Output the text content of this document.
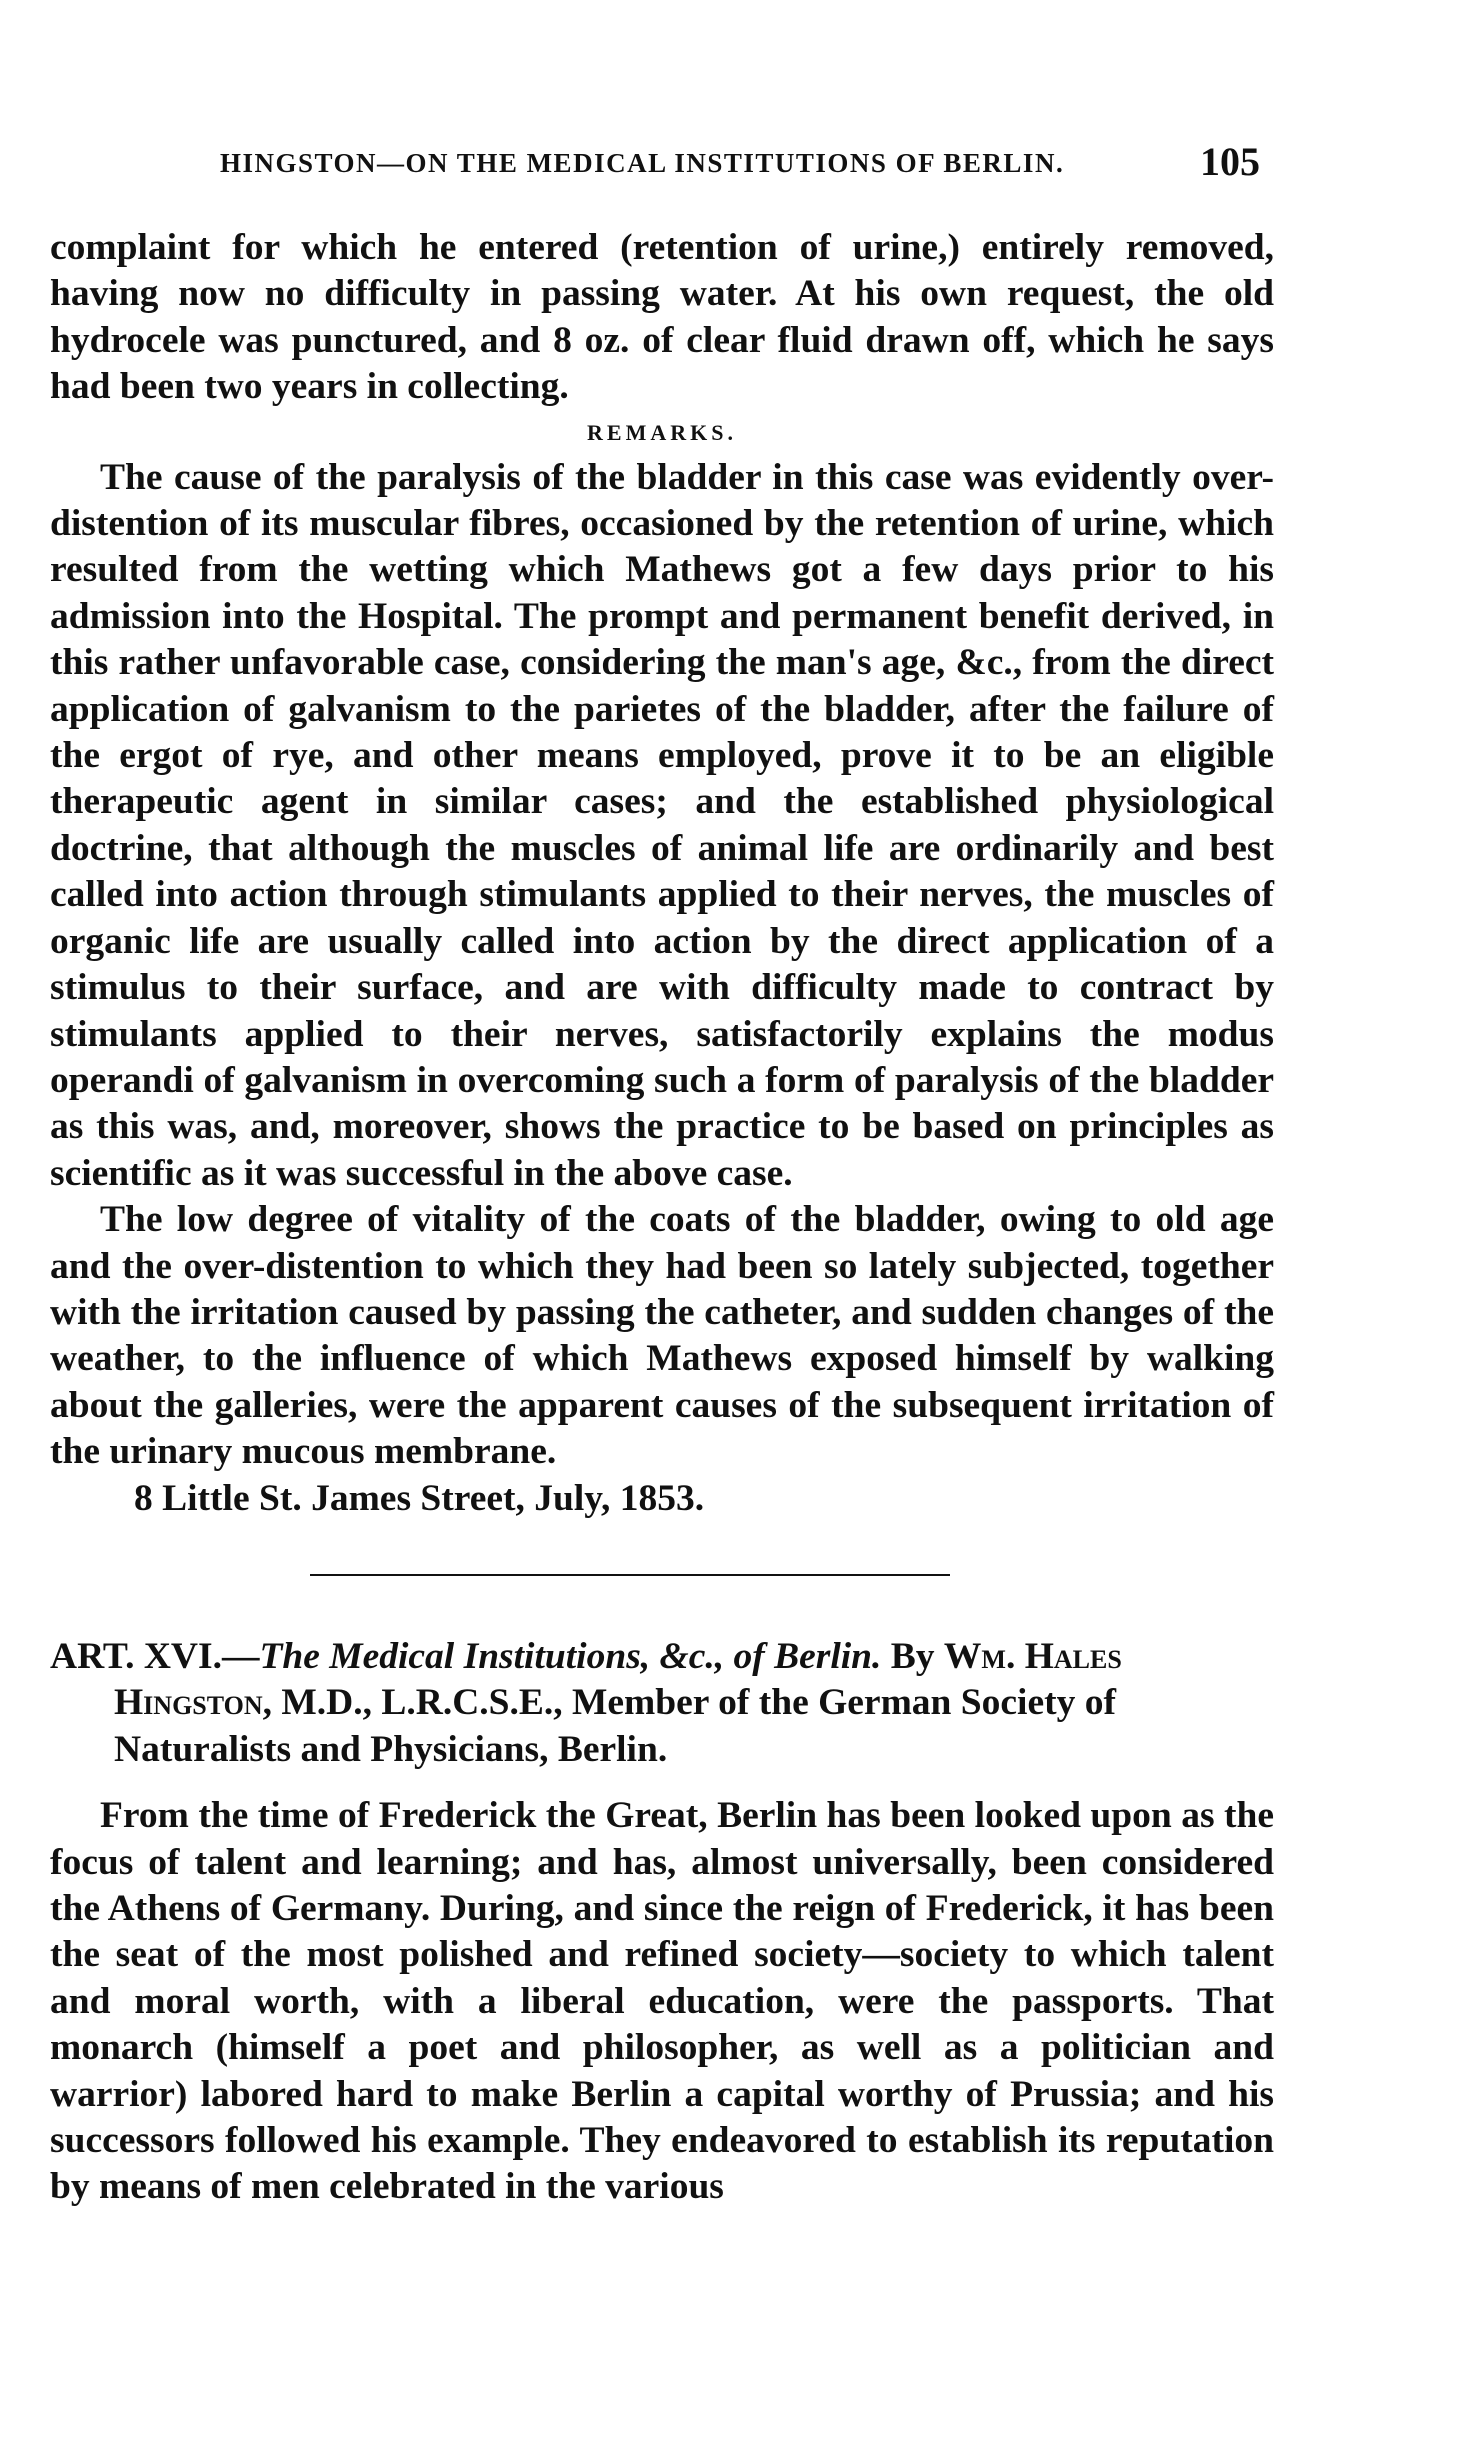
HINGSTON—ON THE MEDICAL INSTITUTIONS OF BERLIN.	105

complaint for which he entered (retention of urine,) entirely removed, having now no difficulty in passing water. At his own request, the old hydrocele was punctured, and 8 oz. of clear fluid drawn off, which he says had been two years in collecting.

REMARKS.

The cause of the paralysis of the bladder in this case was evidently over-distention of its muscular fibres, occasioned by the retention of urine, which resulted from the wetting which Mathews got a few days prior to his admission into the Hospital. The prompt and permanent benefit derived, in this rather unfavorable case, considering the man's age, &c., from the direct application of galvanism to the parietes of the bladder, after the failure of the ergot of rye, and other means employed, prove it to be an eligible therapeutic agent in similar cases; and the established physiological doctrine, that although the muscles of animal life are ordinarily and best called into action through stimulants applied to their nerves, the muscles of organic life are usually called into action by the direct application of a stimulus to their surface, and are with difficulty made to contract by stimulants applied to their nerves, satisfactorily explains the modus operandi of galvanism in overcoming such a form of paralysis of the bladder as this was, and, moreover, shows the practice to be based on principles as scientific as it was successful in the above case.

The low degree of vitality of the coats of the bladder, owing to old age and the over-distention to which they had been so lately subjected, together with the irritation caused by passing the catheter, and sudden changes of the weather, to the influence of which Mathews exposed himself by walking about the galleries, were the apparent causes of the subsequent irritation of the urinary mucous membrane.

8 Little St. James Street, July, 1853.

ART. XVI.—The Medical Institutions, &c., of Berlin. By Wm. Hales Hingston, M.D., L.R.C.S.E., Member of the German Society of Naturalists and Physicians, Berlin.

From the time of Frederick the Great, Berlin has been looked upon as the focus of talent and learning; and has, almost universally, been considered the Athens of Germany. During, and since the reign of Frederick, it has been the seat of the most polished and refined society—society to which talent and moral worth, with a liberal education, were the passports. That monarch (himself a poet and philosopher, as well as a politician and warrior) labored hard to make Berlin a capital worthy of Prussia; and his successors followed his example. They endeavored to establish its reputation by means of men celebrated in the various
